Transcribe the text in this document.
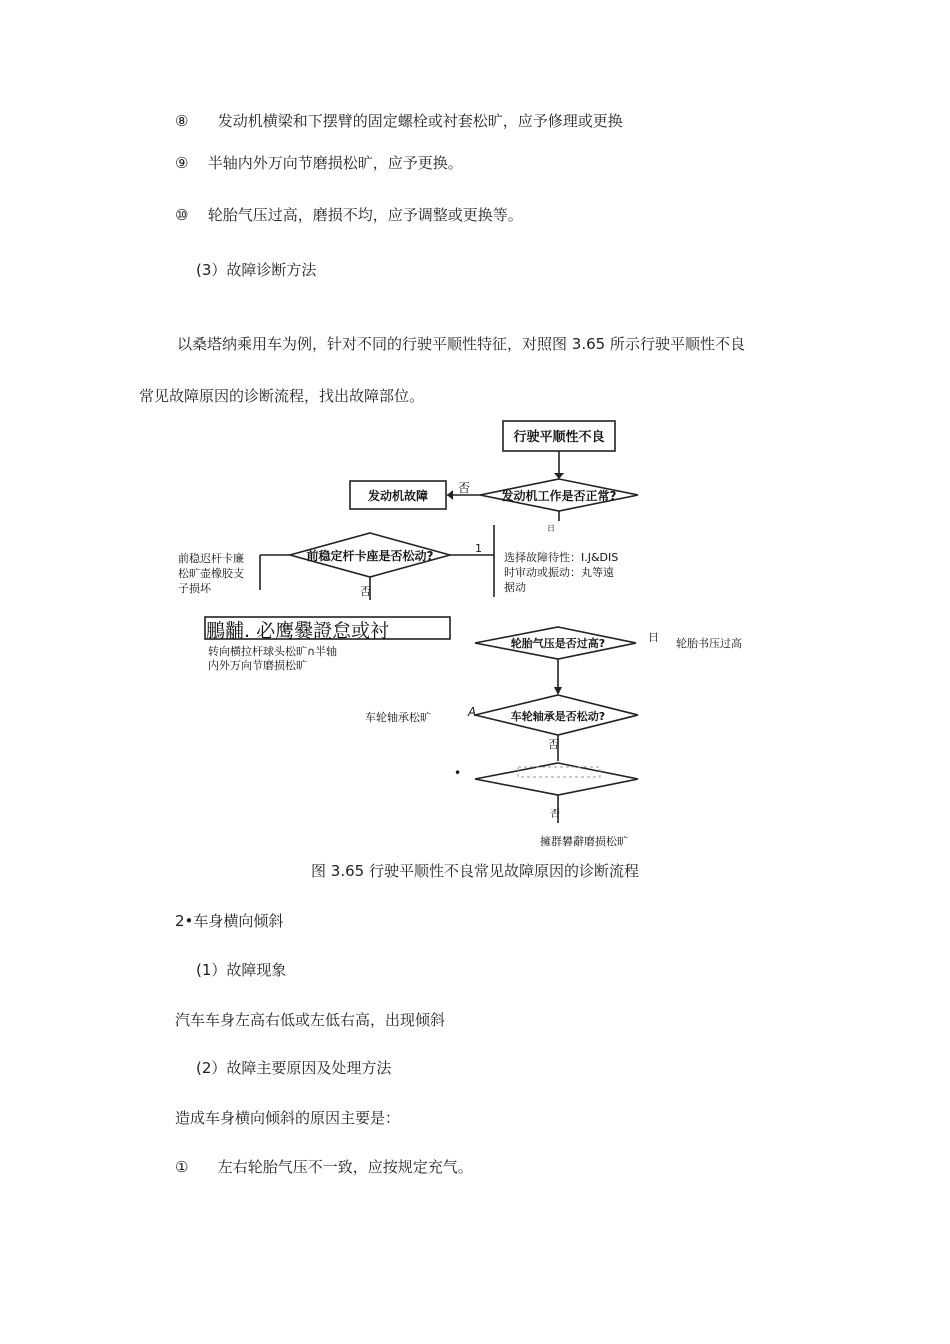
⑧ 发动机横梁和下摆臂的固定螺栓或衬套松旷，应予修理或更换
⑨ 半轴内外万向节磨损松旷，应予更换。
⑩ 轮胎气压过高，磨损不均，应予调整或更换等。
(3）故障诊断方法
以桑塔纳乘用车为例，针对不同的行驶平顺性特征，对照图 3.65 所示行驶平顺性不良
常见故障原因的诊断流程，找出故障部位。
行驶平顺性不良
发动机工作是否正常?
发动机故障
否
日
前稳定杆卡座是否松动?
前稳迟杆卡廉
松旷壶橡胶支
子损坏
1
选择故障待性：I.J&DIS
时审动或振动：丸等遠
据动
否
鵬黼. 必鹰爨證怠或衬
转向横拉杆球头松旷∩半轴
内外万向节磨损松旷
轮胎气压是否过高?	日 轮胎书压过高
车轮轴承是否松动?
A
车轮轴承松旷
否
•
否
擁群礬辭磨损松旷
图 3.65 行驶平顺性不良常见故障原因的诊断流程
2•车身横向倾斜
(1）故障现象
汽车车身左高右低或左低右高，出现倾斜
(2）故障主要原因及处理方法
造成车身横向倾斜的原因主要是：
① 左右轮胎气压不一致，应按规定充气。
